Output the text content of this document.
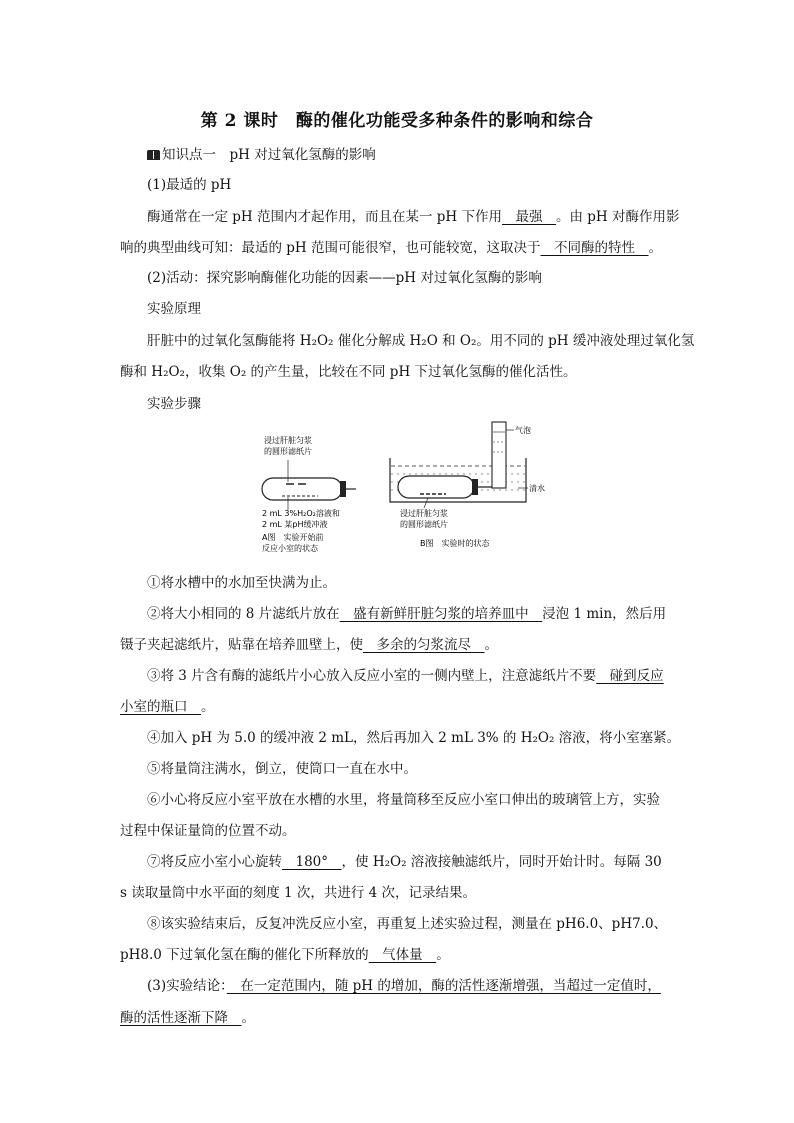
第 2 课时　酶的催化功能受多种条件的影响和综合
知识点一　pH 对过氧化氢酶的影响
(1)最适的 pH
酶通常在一定 pH 范围内才起作用，而且在某一 pH 下作用　最强　。由 pH 对酶作用影
响的典型曲线可知：最适的 pH 范围可能很窄，也可能较宽，这取决于　不同酶的特性　。
(2)活动：探究影响酶催化功能的因素——pH 对过氧化氢酶的影响
实验原理
肝脏中的过氧化氢酶能将 H₂O₂ 催化分解成 H₂O 和 O₂。用不同的 pH 缓冲液处理过氧化氢
酶和 H₂O₂，收集 O₂ 的产生量，比较在不同 pH 下过氧化氢酶的催化活性。
实验步骤
浸过肝脏匀浆
的圆形滤纸片
2 mL 3%H₂O₂溶液和
2 mL 某pH缓冲液
A图　实验开始前
反应小室的状态
气泡
清水
浸过肝脏匀浆
的圆形滤纸片
B图　实验时的状态
①将水槽中的水加至快满为止。
②将大小相同的 8 片滤纸片放在　盛有新鲜肝脏匀浆的培养皿中　浸泡 1 min，然后用
镊子夹起滤纸片，贴靠在培养皿壁上，使　多余的匀浆流尽　。
③将 3 片含有酶的滤纸片小心放入反应小室的一侧内壁上，注意滤纸片不要　碰到反应
小室的瓶口　。
④加入 pH 为 5.0 的缓冲液 2 mL，然后再加入 2 mL 3% 的 H₂O₂ 溶液，将小室塞紧。
⑤将量筒注满水，倒立，使筒口一直在水中。
⑥小心将反应小室平放在水槽的水里，将量筒移至反应小室口伸出的玻璃管上方，实验
过程中保证量筒的位置不动。
⑦将反应小室小心旋转　180°　，使 H₂O₂ 溶液接触滤纸片，同时开始计时。每隔 30
s 读取量筒中水平面的刻度 1 次，共进行 4 次，记录结果。
⑧该实验结束后，反复冲洗反应小室，再重复上述实验过程，测量在 pH6.0、pH7.0、
pH8.0 下过氧化氢在酶的催化下所释放的　气体量　。
(3)实验结论：　在一定范围内，随 pH 的增加，酶的活性逐渐增强，当超过一定值时，
酶的活性逐渐下降　。
